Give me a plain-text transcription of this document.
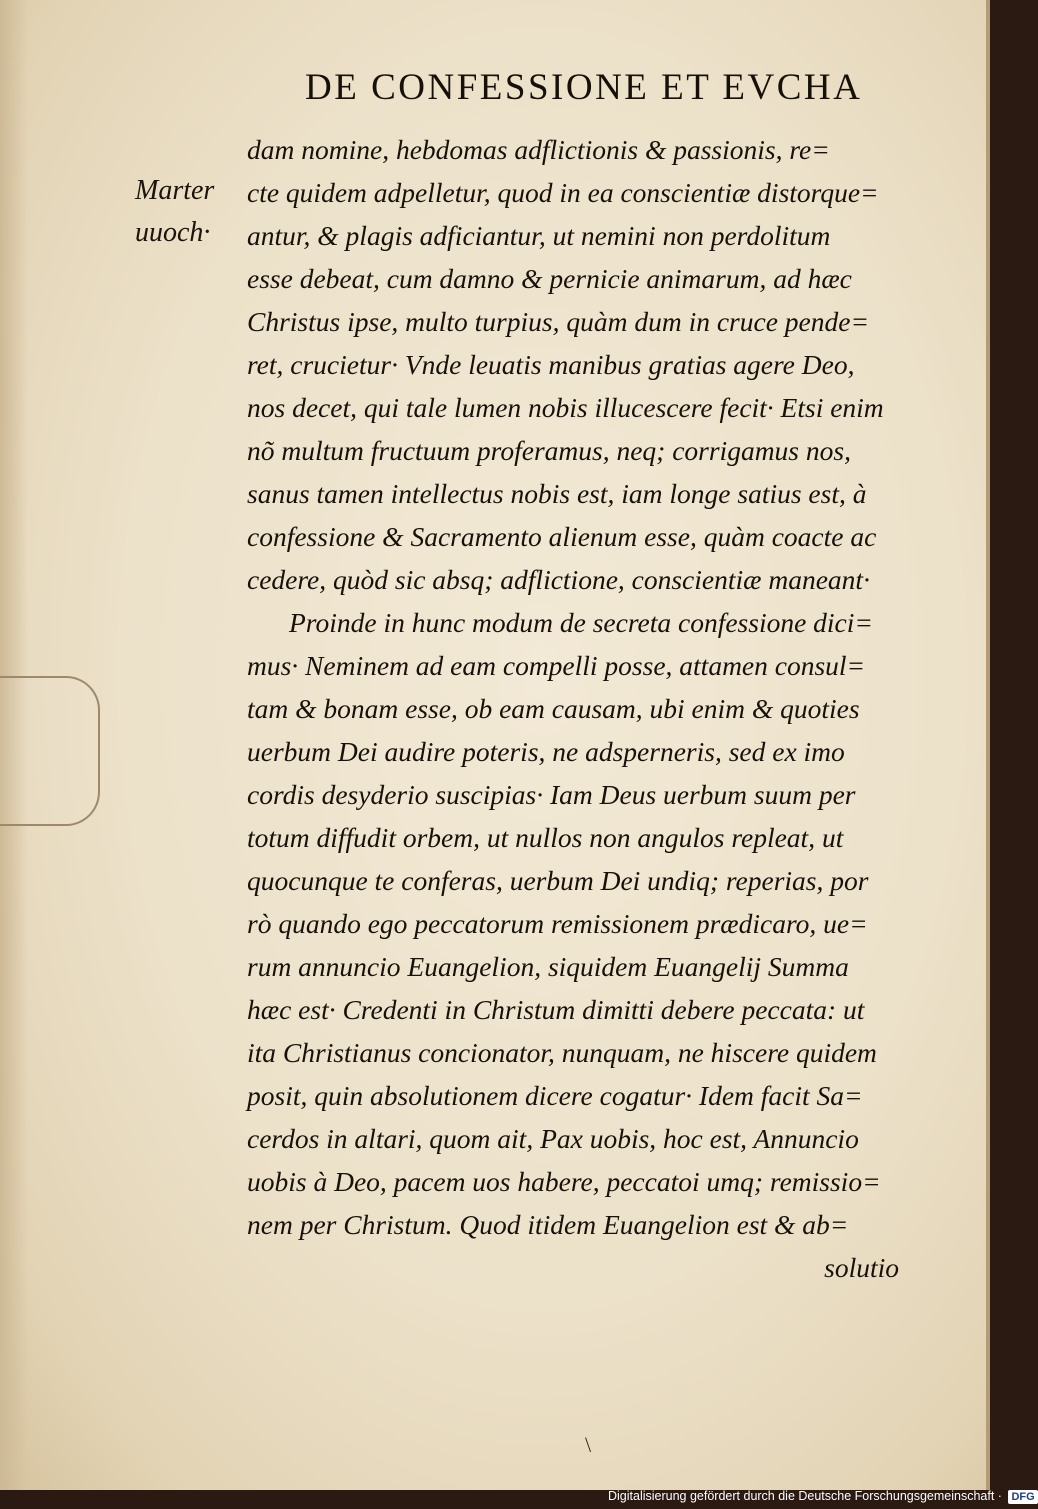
DE CONFESSIONE ET EVCHA
Marter
uuoch·
dam nomine, hebdomas adflictionis & passionis, re=
cte quidem adpelletur, quod in ea conscientiæ distorque=
antur, & plagis adficiantur, ut nemini non perdolitum
esse debeat, cum damno & pernicie animarum, ad hæc
Christus ipse, multo turpius, quàm dum in cruce pende=
ret, crucietur· Vnde leuatis manibus gratias agere Deo,
nos decet, qui tale lumen nobis illucescere fecit· Etsi enim
nõ multum fructuum proferamus, neq; corrigamus nos,
sanus tamen intellectus nobis est, iam longe satius est, à
confessione & Sacramento alienum esse, quàm coacte ac
cedere, quòd sic absq; adflictione, conscientiæ maneant·
Proinde in hunc modum de secreta confessione dici=
mus· Neminem ad eam compelli posse, attamen consul=
tam & bonam esse, ob eam causam, ubi enim & quoties
uerbum Dei audire poteris, ne adsperneris, sed ex imo
cordis desyderio suscipias· Iam Deus uerbum suum per
totum diffudit orbem, ut nullos non angulos repleat, ut
quocunque te conferas, uerbum Dei undiq; reperias, por
rò quando ego peccatorum remissionem prædicaro, ue=
rum annuncio Euangelion, siquidem Euangelij Summa
hæc est· Credenti in Christum dimitti debere peccata: ut
ita Christianus concionator, nunquam, ne hiscere quidem
posit, quin absolutionem dicere cogatur· Idem facit Sa=
cerdos in altari, quom ait, Pax uobis, hoc est, Annuncio
uobis à Deo, pacem uos habere, peccatoi umq; remissio=
nem per Christum. Quod itidem Euangelion est & ab=
solutio
\
Digitalisierung gefördert durch die Deutsche Forschungsgemeinschaft · DFG
